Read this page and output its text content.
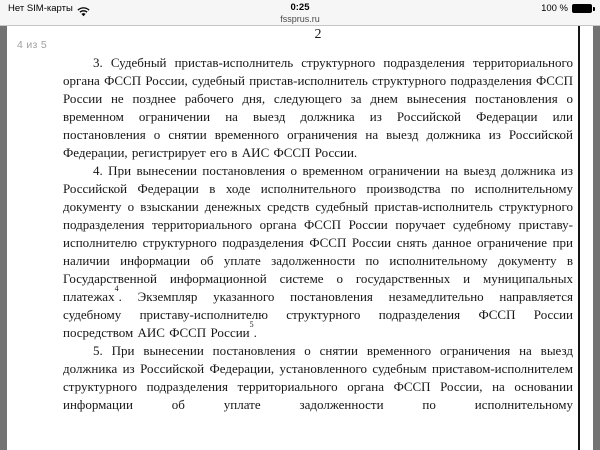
Нет SIM-карты	0:25
fssprus.ru
100 %
2

3. Судебный пристав-исполнитель структурного подразделения территориального органа ФССП России, судебный пристав-исполнитель структурного подразделения ФССП России не позднее рабочего дня, следующего за днем вынесения постановления о временном ограничении на выезд должника из Российской Федерации или постановления о снятии временного ограничения на выезд должника из Российской Федерации, регистрирует его в АИС ФССП России.

4. При вынесении постановления о временном ограничении на выезд должника из Российской Федерации в ходе исполнительного производства по исполнительному документу о взыскании денежных средств судебный пристав-исполнитель структурного подразделения территориального органа ФССП России поручает судебному приставу-исполнителю структурного подразделения ФССП России снять данное ограничение при наличии информации об уплате задолженности по исполнительному документу в Государственной информационной системе о государственных и муниципальных платежах$^4$. Экземпляр указанного постановления незамедлительно направляется судебному приставу-исполнителю структурного подразделения ФССП России посредством АИС ФССП России$^5$.

5. При вынесении постановления о снятии временного ограничения на выезд должника из Российской Федерации, установленного судебным приставом-исполнителем структурного подразделения территориального органа ФССП России, на основании информации об уплате задолженности по исполнительному

4 из 5
